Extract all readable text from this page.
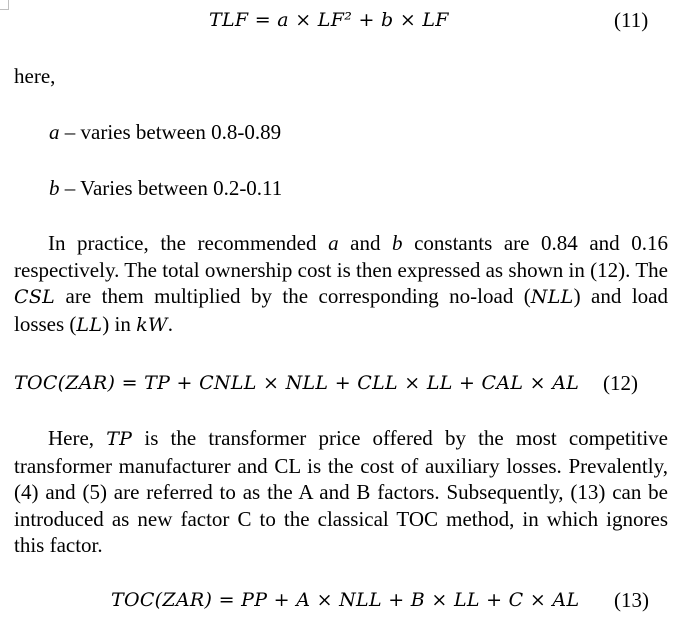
TLF = a × LF² + b × LF	(11)
here,
a – varies between 0.8-0.89
b – Varies between 0.2-0.11
In practice, the recommended a and b constants are 0.84 and 0.16 respectively. The total ownership cost is then expressed as shown in (12). The CSL are them multiplied by the corresponding no-load (NLL) and load losses (LL) in kW.
TOC(ZAR) = TP + CNLL × NLL + CLL × LL + CAL × AL (12)
Here, TP is the transformer price offered by the most competitive transformer manufacturer and CL is the cost of auxiliary losses. Prevalently, (4) and (5) are referred to as the A and B factors. Subsequently, (13) can be introduced as new factor C to the classical TOC method, in which ignores this factor.
TOC(ZAR) = PP + A × NLL + B × LL + C × AL (13)
